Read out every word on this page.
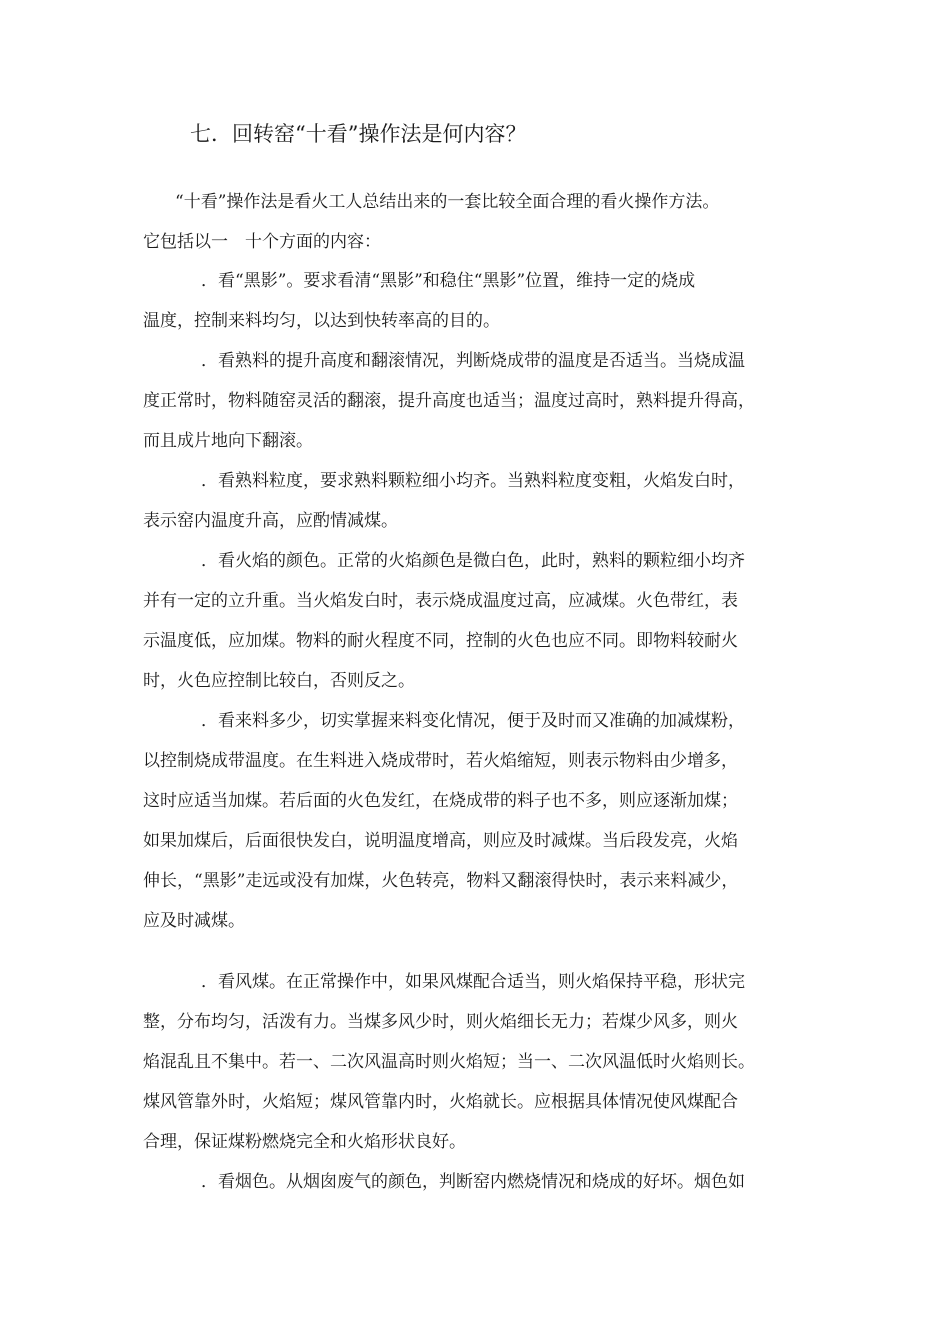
七．回转窑“十看”操作法是何内容？
“十看”操作法是看火工人总结出来的一套比较全面合理的看火操作方法。
它包括以一　十个方面的内容：
．看“黑影”。要求看清“黑影”和稳住“黑影”位置，维持一定的烧成
温度，控制来料均匀，以达到快转率高的目的。
．看熟料的提升高度和翻滚情况，判断烧成带的温度是否适当。当烧成温
度正常时，物料随窑灵活的翻滚，提升高度也适当；温度过高时，熟料提升得高，
而且成片地向下翻滚。
．看熟料粒度，要求熟料颗粒细小均齐。当熟料粒度变粗，火焰发白时，
表示窑内温度升高，应酌情减煤。
．看火焰的颜色。正常的火焰颜色是微白色，此时，熟料的颗粒细小均齐
并有一定的立升重。当火焰发白时，表示烧成温度过高，应减煤。火色带红，表
示温度低，应加煤。物料的耐火程度不同，控制的火色也应不同。即物料较耐火
时，火色应控制比较白，否则反之。
．看来料多少，切实掌握来料变化情况，便于及时而又准确的加减煤粉，
以控制烧成带温度。在生料进入烧成带时，若火焰缩短，则表示物料由少增多，
这时应适当加煤。若后面的火色发红，在烧成带的料子也不多，则应逐渐加煤；
如果加煤后，后面很快发白，说明温度增高，则应及时减煤。当后段发亮，火焰
伸长，“黑影”走远或没有加煤，火色转亮，物料又翻滚得快时，表示来料减少，
应及时减煤。
．看风煤。在正常操作中，如果风煤配合适当，则火焰保持平稳，形状完
整，分布均匀，活泼有力。当煤多风少时，则火焰细长无力；若煤少风多，则火
焰混乱且不集中。若一、二次风温高时则火焰短；当一、二次风温低时火焰则长。
煤风管靠外时，火焰短；煤风管靠内时，火焰就长。应根据具体情况使风煤配合
合理，保证煤粉燃烧完全和火焰形状良好。
．看烟色。从烟囱废气的颜色，判断窑内燃烧情况和烧成的好坏。烟色如
